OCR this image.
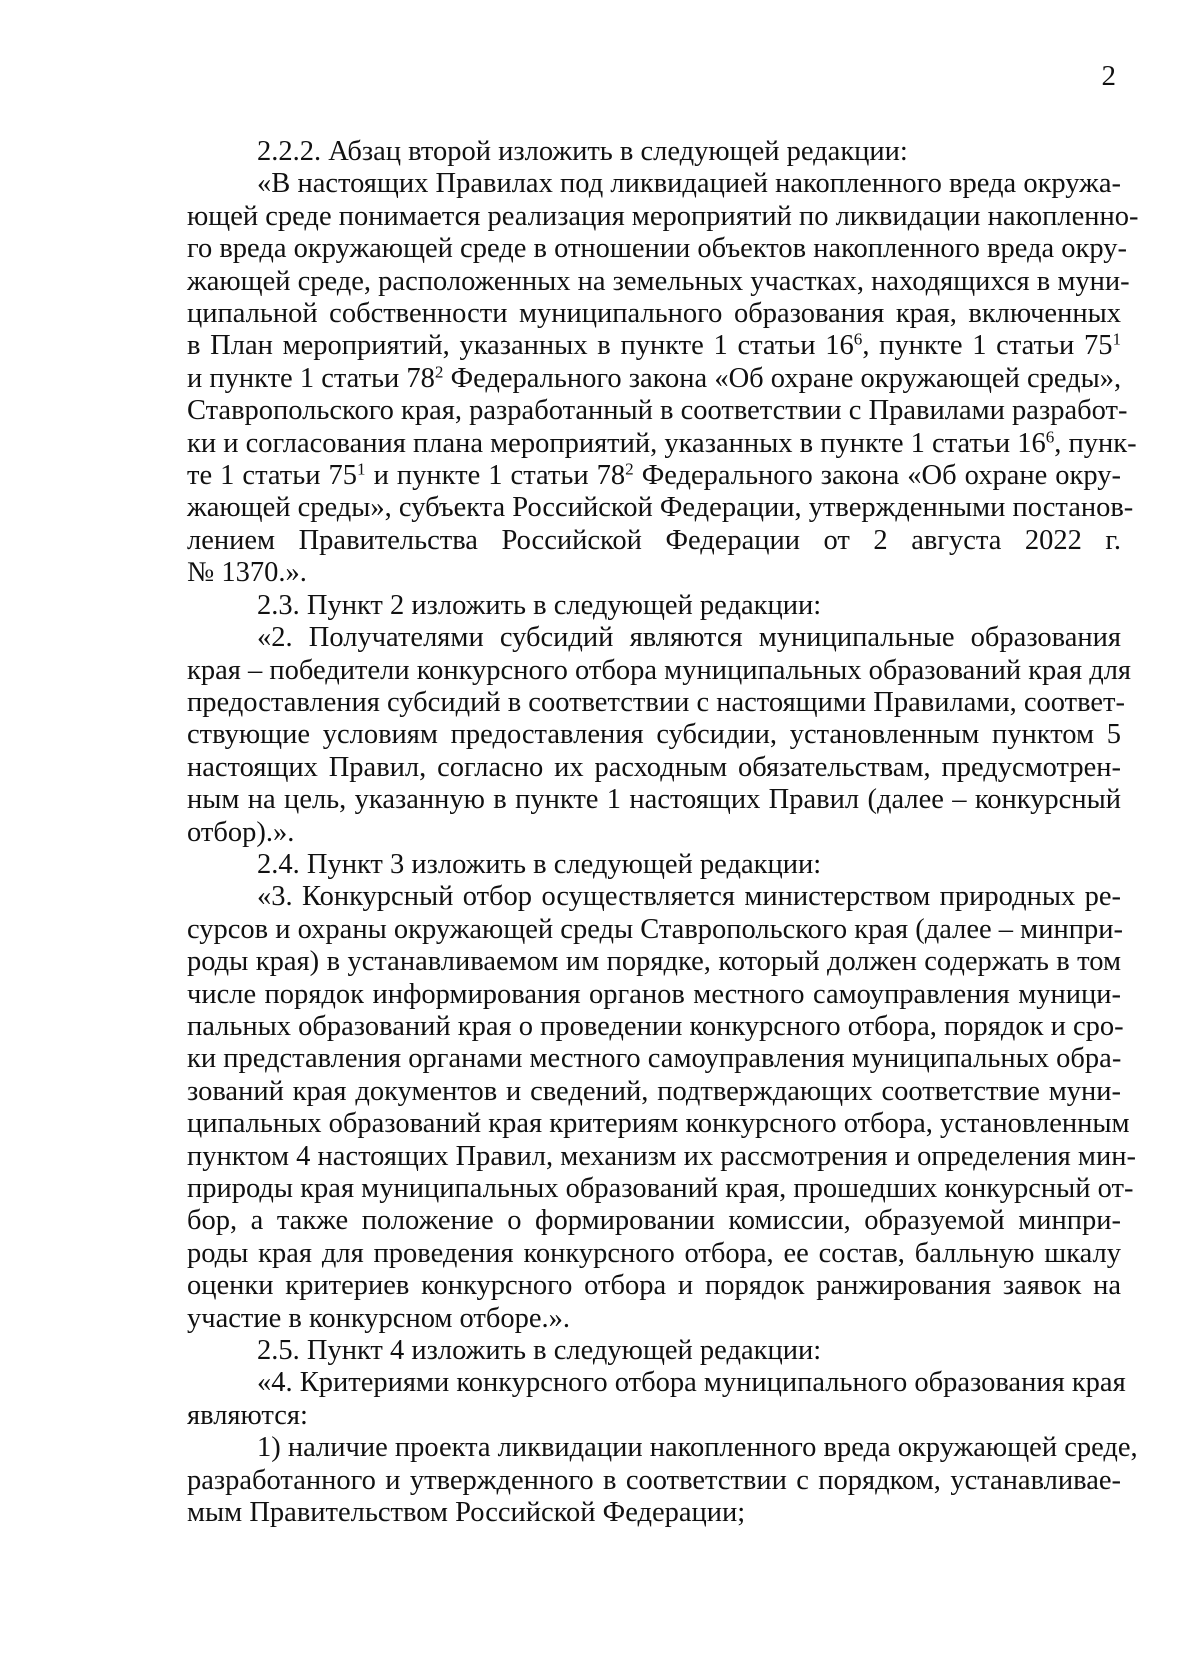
2
2.2.2. Абзац второй изложить в следующей редакции:
«В настоящих Правилах под ликвидацией накопленного вреда окружа-
ющей среде понимается реализация мероприятий по ликвидации накопленно-
го вреда окружающей среде в отношении объектов накопленного вреда окру-
жающей среде, расположенных на земельных участках, находящихся в муни-
ципальной собственности муниципального образования края, включенных
в План мероприятий, указанных в пункте 1 статьи $16^6$, пункте 1 статьи $75^1$
и пункте 1 статьи $78^2$ Федерального закона «Об охране окружающей среды»,
Ставропольского края, разработанный в соответствии с Правилами разработ-
ки и согласования плана мероприятий, указанных в пункте 1 статьи $16^6$, пунк-
те 1 статьи $75^1$ и пункте 1 статьи $78^2$ Федерального закона «Об охране окру-
жающей среды», субъекта Российской Федерации, утвержденными постанов-
лением Правительства Российской Федерации от 2 августа 2022 г.
№ 1370.».
2.3. Пункт 2 изложить в следующей редакции:
«2. Получателями субсидий являются муниципальные образования
края – победители конкурсного отбора муниципальных образований края для
предоставления субсидий в соответствии с настоящими Правилами, соответ-
ствующие условиям предоставления субсидии, установленным пунктом 5
настоящих Правил, согласно их расходным обязательствам, предусмотрен-
ным на цель, указанную в пункте 1 настоящих Правил (далее – конкурсный
отбор).».
2.4. Пункт 3 изложить в следующей редакции:
«3. Конкурсный отбор осуществляется министерством природных ре-
сурсов и охраны окружающей среды Ставропольского края (далее – минпри-
роды края) в устанавливаемом им порядке, который должен содержать в том
числе порядок информирования органов местного самоуправления муници-
пальных образований края о проведении конкурсного отбора, порядок и сро-
ки представления органами местного самоуправления муниципальных обра-
зований края документов и сведений, подтверждающих соответствие муни-
ципальных образований края критериям конкурсного отбора, установленным
пунктом 4 настоящих Правил, механизм их рассмотрения и определения мин-
природы края муниципальных образований края, прошедших конкурсный от-
бор, а также положение о формировании комиссии, образуемой минпри-
роды края для проведения конкурсного отбора, ее состав, балльную шкалу
оценки критериев конкурсного отбора и порядок ранжирования заявок на
участие в конкурсном отборе.».
2.5. Пункт 4 изложить в следующей редакции:
«4. Критериями конкурсного отбора муниципального образования края
являются:
1) наличие проекта ликвидации накопленного вреда окружающей среде,
разработанного и утвержденного в соответствии с порядком, устанавливае-
мым Правительством Российской Федерации;
